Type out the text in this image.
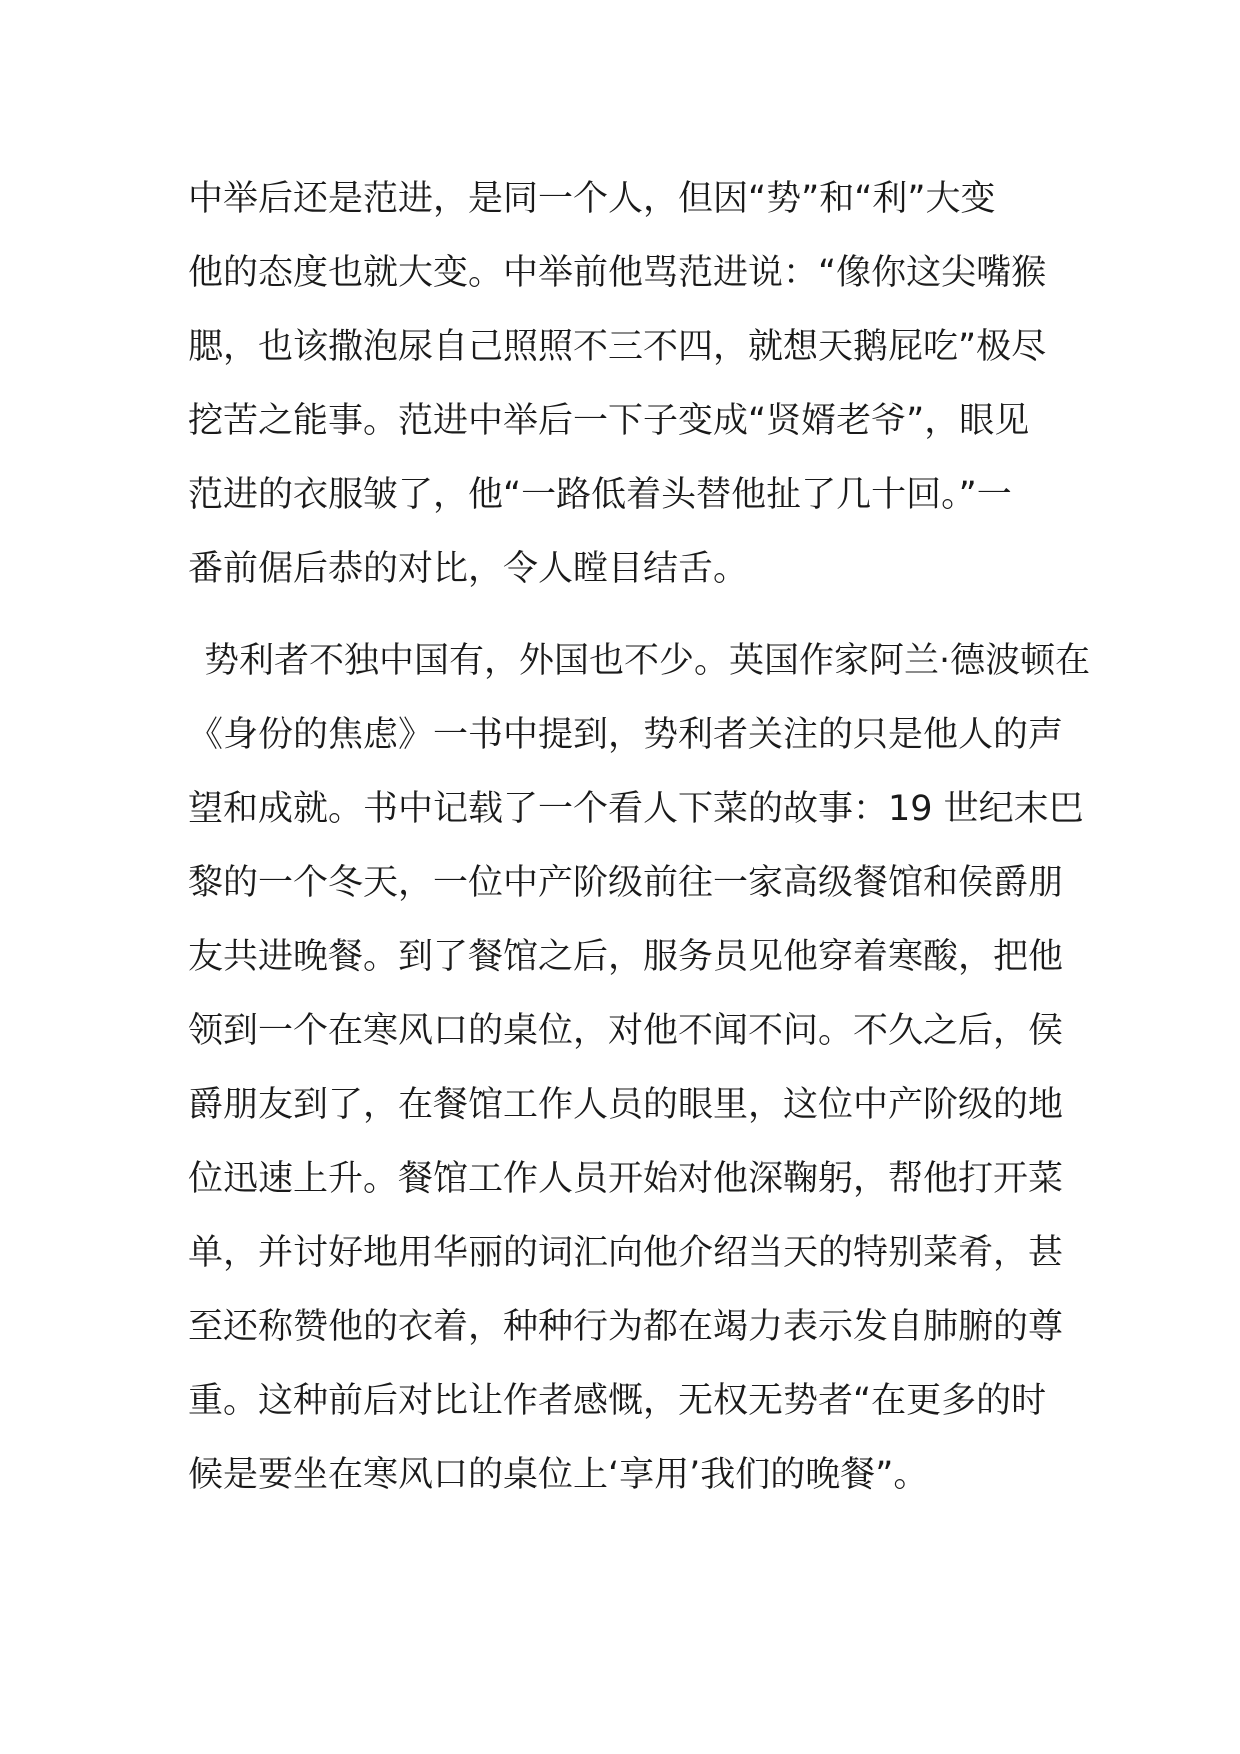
中举后还是范进，是同一个人，但因“势”和“利”大变
他的态度也就大变。中举前他骂范进说：“像你这尖嘴猴
腮，也该撒泡尿自己照照不三不四，就想天鹅屁吃”极尽
挖苦之能事。范进中举后一下子变成“贤婿老爷”，眼见
范进的衣服皱了，他“一路低着头替他扯了几十回。”一
番前倨后恭的对比，令人瞠目结舌。
势利者不独中国有，外国也不少。英国作家阿兰·德波顿在
《身份的焦虑》一书中提到，势利者关注的只是他人的声
望和成就。书中记载了一个看人下菜的故事：19 世纪末巴
黎的一个冬天，一位中产阶级前往一家高级餐馆和侯爵朋
友共进晚餐。到了餐馆之后，服务员见他穿着寒酸，把他
领到一个在寒风口的桌位，对他不闻不问。不久之后，侯
爵朋友到了，在餐馆工作人员的眼里，这位中产阶级的地
位迅速上升。餐馆工作人员开始对他深鞠躬，帮他打开菜
单，并讨好地用华丽的词汇向他介绍当天的特别菜肴，甚
至还称赞他的衣着，种种行为都在竭力表示发自肺腑的尊
重。这种前后对比让作者感慨，无权无势者“在更多的时
候是要坐在寒风口的桌位上‘享用’我们的晚餐”。
